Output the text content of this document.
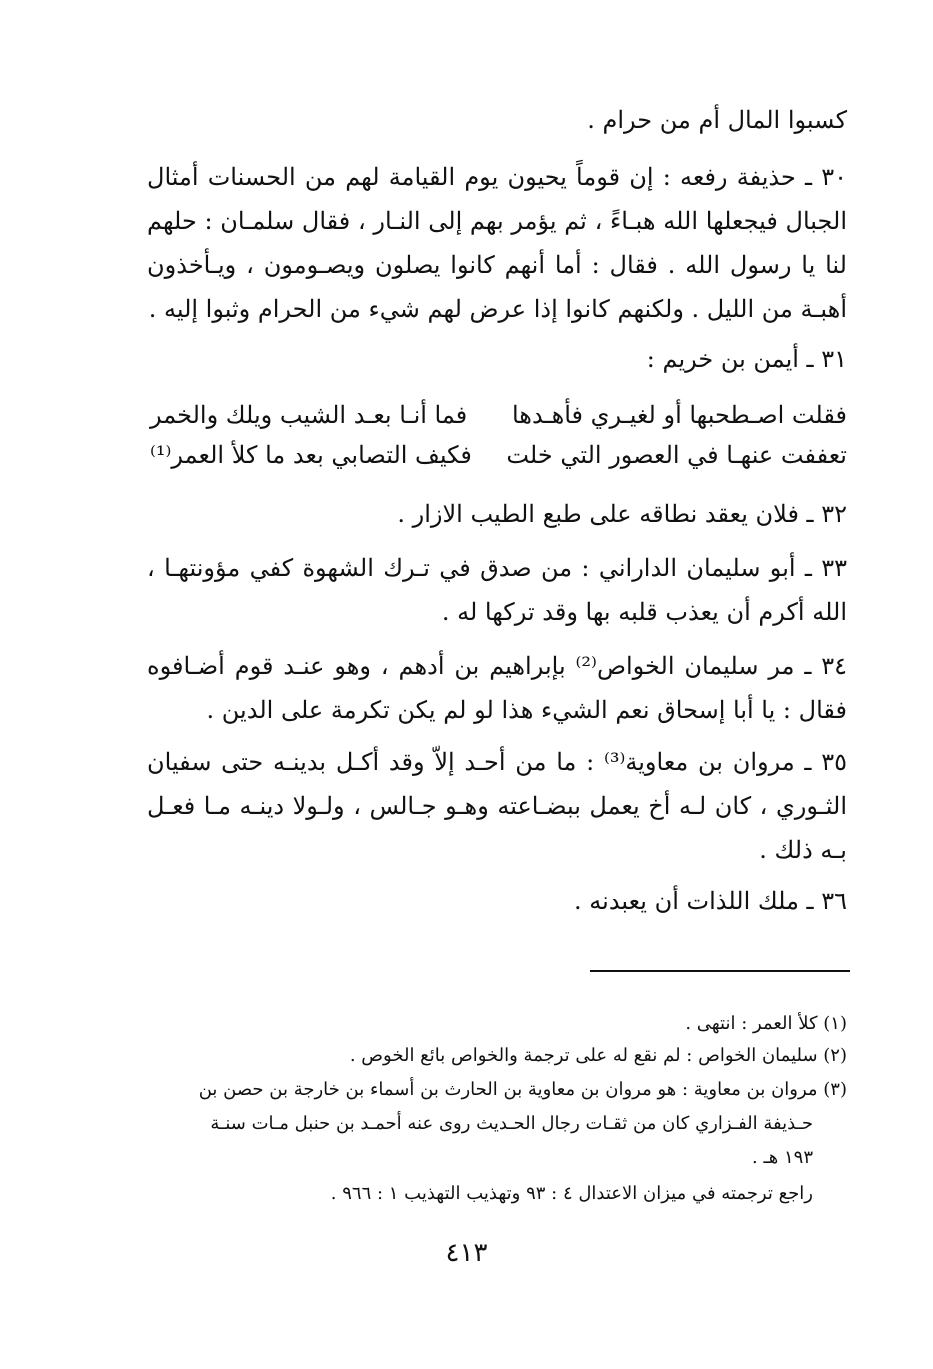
كسبوا المال أم من حرام .
٣٠ ـ حذيفة رفعه : إن قوماً يحيون يوم القيامة لهم من الحسنات أمثال الجبال فيجعلها الله هبـاءً ، ثم يؤمر بهم إلى النـار ، فقال سلمـان : حلهم لنا يا رسول الله . فقال : أما أنهم كانوا يصلون ويصـومون ، ويـأخذون أهبـة من الليل . ولكنهم كانوا إذا عرض لهم شيء من الحرام وثبوا إليه .
٣١ ـ أيمن بن خريم :
فقلت اصـطحبها أو لغيـري فأهـدها
فما أنـا بعـد الشيب ويلك والخمر
تعففت عنهـا في العصور التي خلت
فكيف التصابي بعد ما كلأ العمر⁽¹⁾
٣٢ ـ فلان يعقد نطاقه على طبع الطيب الازار .
٣٣ ـ أبو سليمان الداراني : من صدق في تـرك الشهوة كفي مؤونتهـا ، الله أكرم أن يعذب قلبه بها وقد تركها له .
٣٤ ـ مر سليمان الخواص⁽²⁾ بإبراهيم بن أدهم ، وهو عنـد قوم أضـافوه فقال : يا أبا إسحاق نعم الشيء هذا لو لم يكن تكرمة على الدين .
٣٥ ـ مروان بن معاوية⁽³⁾ : ما من أحـد إلاّ وقد أكـل بدينـه حتى سفيان الثـوري ، كان لـه أخ يعمل ببضـاعته وهـو جـالس ، ولـولا دينـه مـا فعـل بـه ذلك .
٣٦ ـ ملك اللذات أن يعبدنه .
(١) كلأ العمر : انتهى .
(٢) سليمان الخواص : لم نقع له على ترجمة والخواص بائع الخوص .
(٣) مروان بن معاوية : هو مروان بن معاوية بن الحارث بن أسماء بن خارجة بن حصن بن
حـذيفة الفـزاري كان من ثقـات رجال الحـديث روى عنه أحمـد بن حنبل مـات سنـة
١٩٣ هـ .
راجع ترجمته في ميزان الاعتدال ٤ : ٩٣ وتهذيب التهذيب ١ : ٩٦٦ .
٤١٣
